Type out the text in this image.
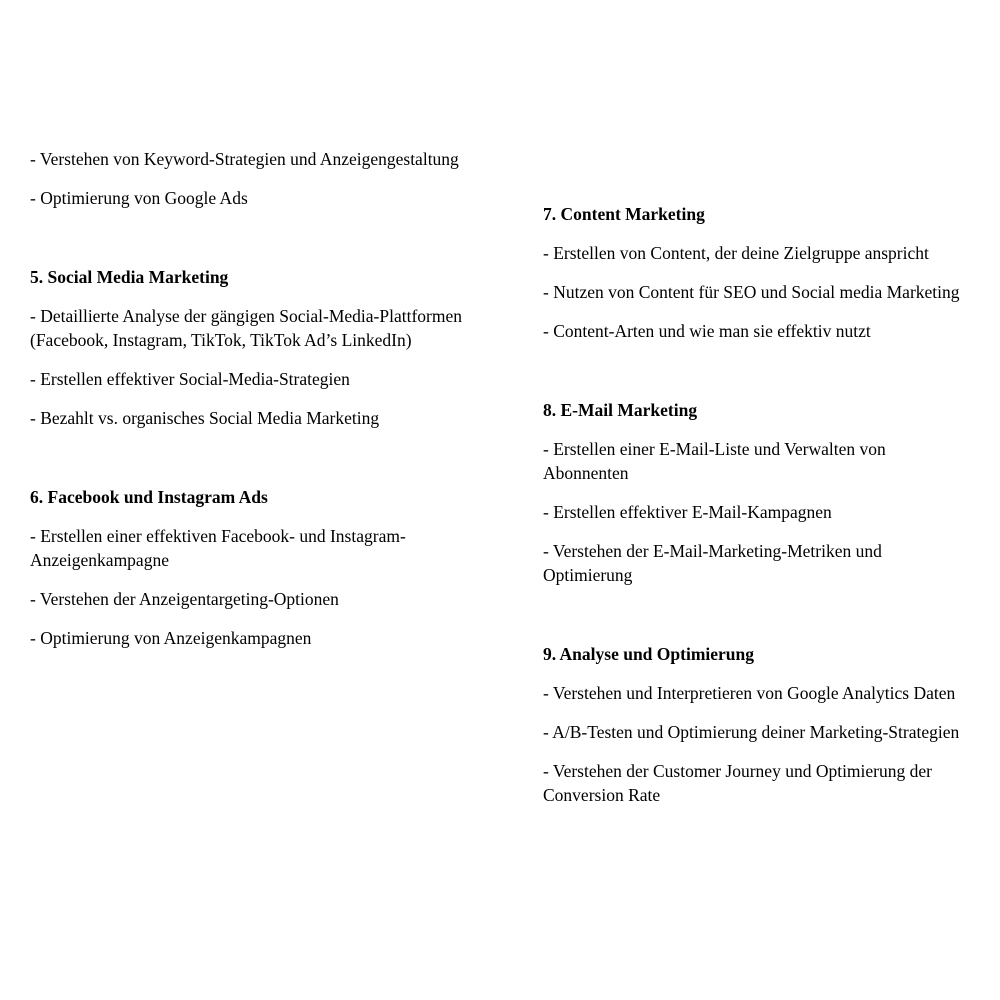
- Verstehen von Keyword-Strategien und Anzeigengestaltung

- Optimierung von Google Ads

5. Social Media Marketing

- Detaillierte Analyse der gängigen Social-Media-Plattformen (Facebook, Instagram, TikTok, TikTok Ad’s LinkedIn)

- Erstellen effektiver Social-Media-Strategien

- Bezahlt vs. organisches Social Media Marketing

6. Facebook und Instagram Ads

- Erstellen einer effektiven Facebook- und Instagram-Anzeigenkampagne

- Verstehen der Anzeigentargeting-Optionen

- Optimierung von Anzeigenkampagnen

7. Content Marketing

- Erstellen von Content, der deine Zielgruppe anspricht

- Nutzen von Content für SEO und Social media Marketing

- Content-Arten und wie man sie effektiv nutzt

8. E-Mail Marketing

- Erstellen einer E-Mail-Liste und Verwalten von Abonnenten

- Erstellen effektiver E-Mail-Kampagnen

- Verstehen der E-Mail-Marketing-Metriken und Optimierung

9. Analyse und Optimierung

- Verstehen und Interpretieren von Google Analytics Daten

- A/B-Testen und Optimierung deiner Marketing-Strategien

- Verstehen der Customer Journey und Optimierung der Conversion Rate
